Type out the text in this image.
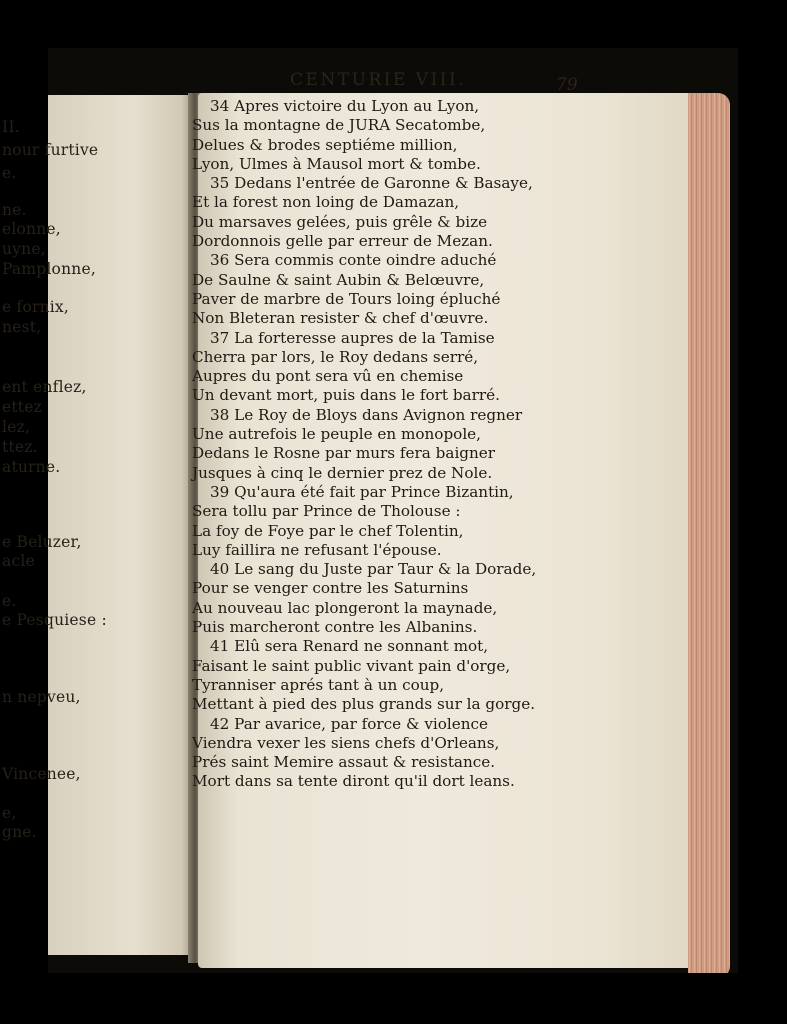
II.
nour furtive
e.
ne.
elonne,
uyne,
Pamplonne,
e fornix,
nest,
ent enflez,
ettez
lez,
ttez.
aturne.
e Beluzer,
acle
e.
e Pesquiese :
n nepveu,
Vincenee,
e,
gne.
CENTURIE VIII.	79
34 Apres victoire du Lyon au Lyon,
Sus la montagne de JURA Secatombe,
Delues & brodes septiéme million,
Lyon, Ulmes à Mausol mort & tombe.
35 Dedans l'entrée de Garonne & Basaye,
Et la forest non loing de Damazan,
Du marsaves gelées, puis grêle & bize
Dordonnois gelle par erreur de Mezan.
36 Sera commis conte oindre aduché
De Saulne & saint Aubin & Belœuvre,
Paver de marbre de Tours loing épluché
Non Bleteran resister & chef d'œuvre.
37 La forteresse aupres de la Tamise
Cherra par lors, le Roy dedans serré,
Aupres du pont sera vû en chemise
Un devant mort, puis dans le fort barré.
38 Le Roy de Bloys dans Avignon regner
Une autrefois le peuple en monopole,
Dedans le Rosne par murs fera baigner
Jusques à cinq le dernier prez de Nole.
39 Qu'aura été fait par Prince Bizantin,
Sera tollu par Prince de Tholouse :
La foy de Foye par le chef Tolentin,
Luy faillira ne refusant l'épouse.
40 Le sang du Juste par Taur & la Dorade,
Pour se venger contre les Saturnins
Au nouveau lac plongeront la maynade,
Puis marcheront contre les Albanins.
41 Elû sera Renard ne sonnant mot,
Faisant le saint public vivant pain d'orge,
Tyranniser aprés tant à un coup,
Mettant à pied des plus grands sur la gorge.
42 Par avarice, par force & violence
Viendra vexer les siens chefs d'Orleans,
Prés saint Memire assaut & resistance.
Mort dans sa tente diront qu'il dort leans.
